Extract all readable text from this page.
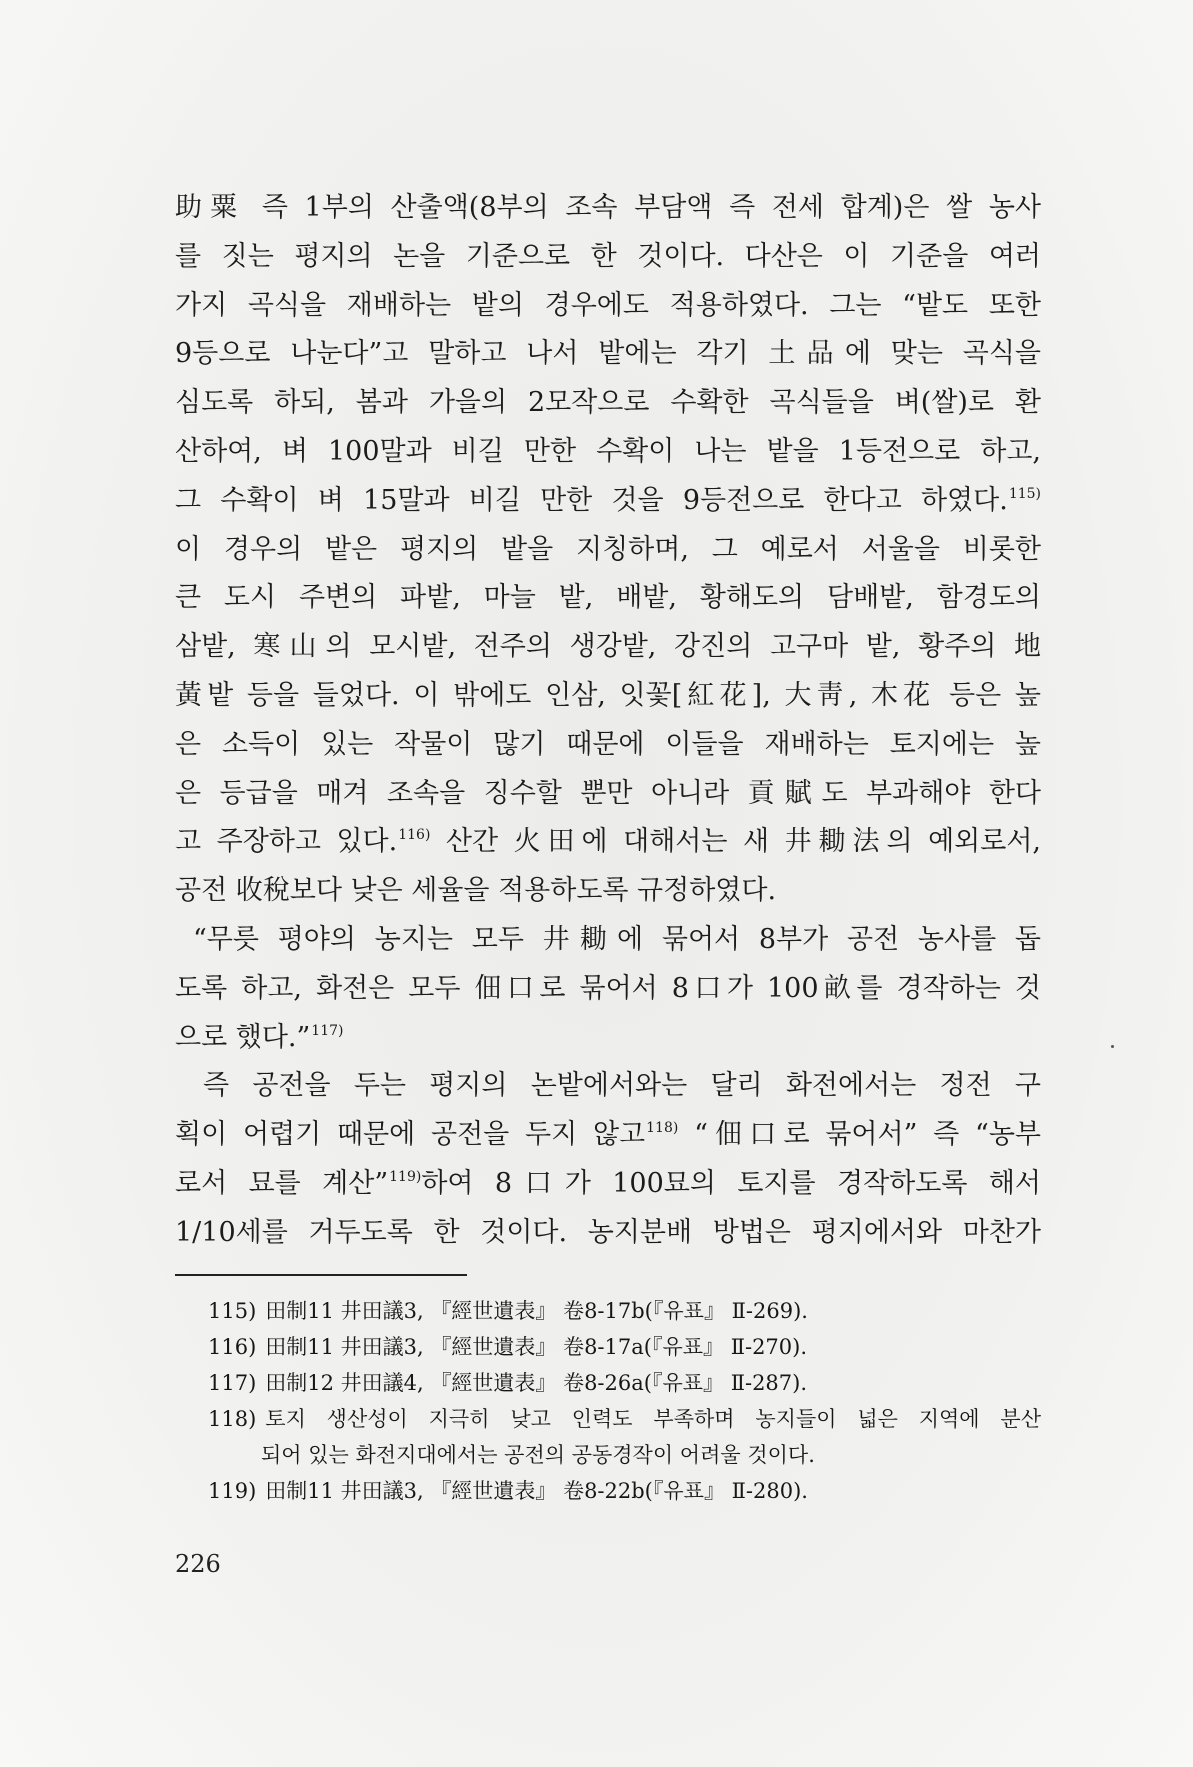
助粟 즉 1부의 산출액(8부의 조속 부담액 즉 전세 합계)은 쌀 농사
를 짓는 평지의 논을 기준으로 한 것이다. 다산은 이 기준을 여러
가지 곡식을 재배하는 밭의 경우에도 적용하였다. 그는 “밭도 또한
9등으로 나눈다”고 말하고 나서 밭에는 각기 土品에 맞는 곡식을
심도록 하되, 봄과 가을의 2모작으로 수확한 곡식들을 벼(쌀)로 환
산하여, 벼 100말과 비길 만한 수확이 나는 밭을 1등전으로 하고,
그 수확이 벼 15말과 비길 만한 것을 9등전으로 한다고 하였다.$^{115)}$
이 경우의 밭은 평지의 밭을 지칭하며, 그 예로서 서울을 비롯한
큰 도시 주변의 파밭, 마늘 밭, 배밭, 황해도의 담배밭, 함경도의
삼밭, 寒山의 모시밭, 전주의 생강밭, 강진의 고구마 밭, 황주의 地
黃밭 등을 들었다. 이 밖에도 인삼, 잇꽃[紅花], 大靑, 木花 등은 높
은 소득이 있는 작물이 많기 때문에 이들을 재배하는 토지에는 높
은 등급을 매겨 조속을 징수할 뿐만 아니라 貢賦도 부과해야 한다
고 주장하고 있다.$^{116)}$ 산간 火田에 대해서는 새 井耡法의 예외로서,
공전 收稅보다 낮은 세율을 적용하도록 규정하였다.
“무릇 평야의 농지는 모두 井耡에 묶어서 8부가 공전 농사를 돕
도록 하고, 화전은 모두 佃口로 묶어서 8口가 100畝를 경작하는 것
으로 했다.”$^{117)}$
즉 공전을 두는 평지의 논밭에서와는 달리 화전에서는 정전 구
획이 어렵기 때문에 공전을 두지 않고$^{118)}$ “佃口로 묶어서” 즉 “농부
로서 묘를 계산”$^{119)}$하여 8口가 100묘의 토지를 경작하도록 해서
1/10세를 거두도록 한 것이다. 농지분배 방법은 평지에서와 마찬가
115) 田制11 井田議3, 『經世遺表』 卷8-17b(『유표』 Ⅱ-269).
116) 田制11 井田議3, 『經世遺表』 卷8-17a(『유표』 Ⅱ-270).
117) 田制12 井田議4, 『經世遺表』 卷8-26a(『유표』 Ⅱ-287).
118) 토지 생산성이 지극히 낮고 인력도 부족하며 농지들이 넓은 지역에 분산
되어 있는 화전지대에서는 공전의 공동경작이 어려울 것이다.
119) 田制11 井田議3, 『經世遺表』 卷8-22b(『유표』 Ⅱ-280).
226
